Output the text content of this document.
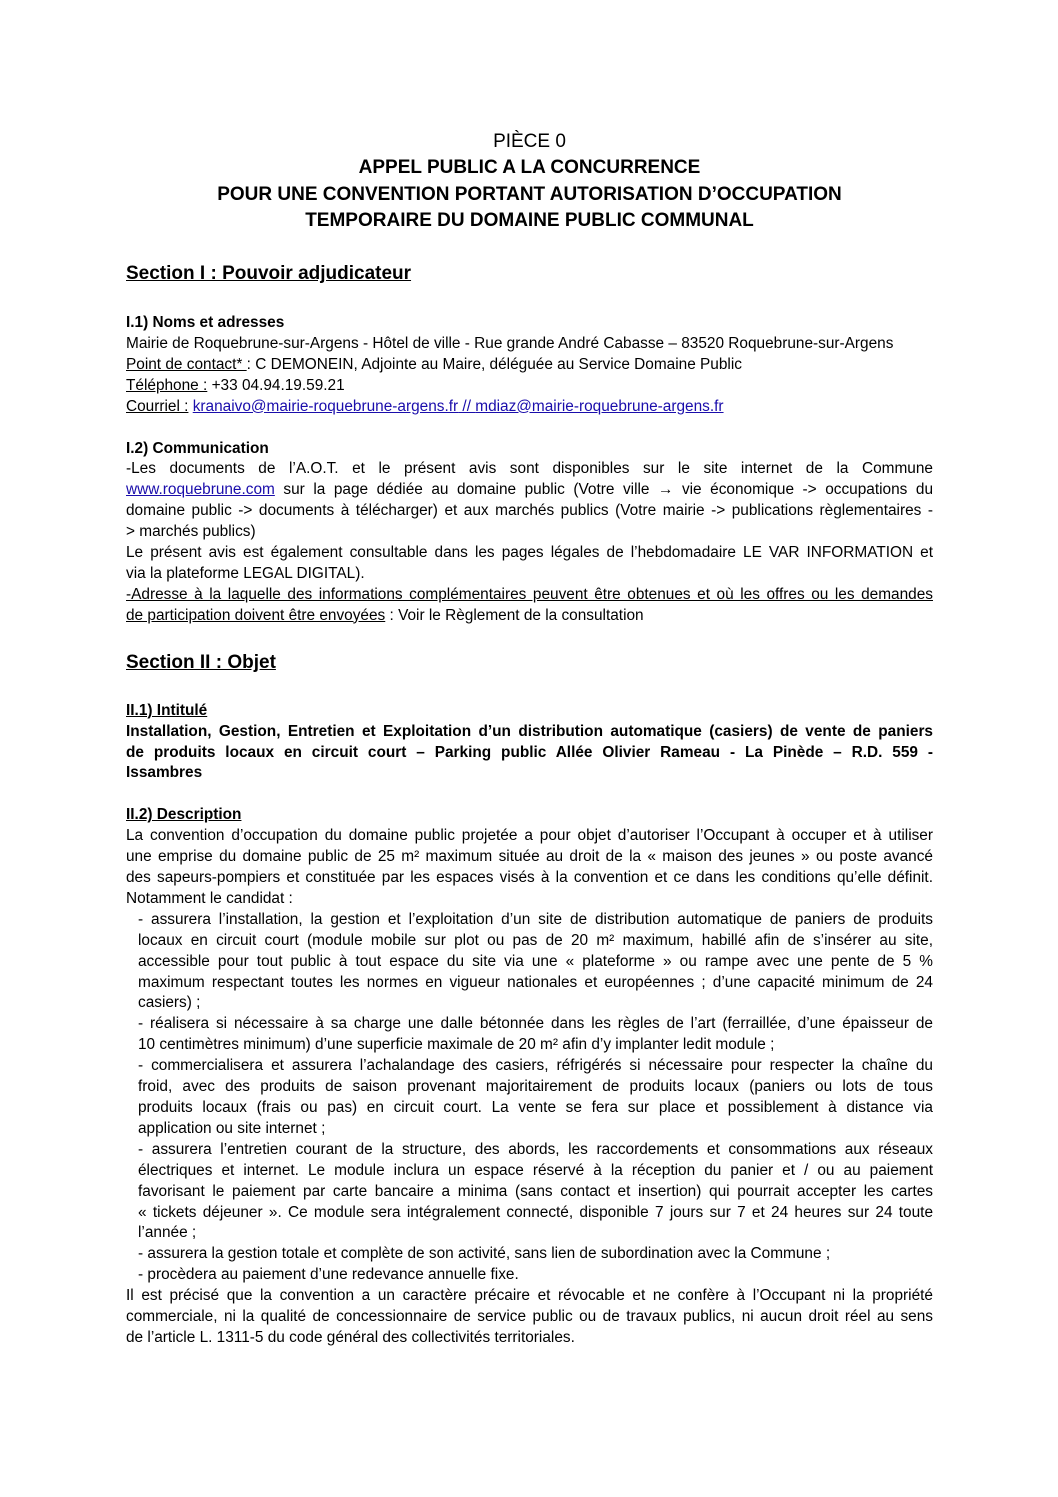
PIÈCE 0
APPEL PUBLIC A LA CONCURRENCE
POUR UNE CONVENTION PORTANT AUTORISATION D’OCCUPATION
TEMPORAIRE DU DOMAINE PUBLIC COMMUNAL
Section I : Pouvoir adjudicateur

I.1) Noms et adresses

Mairie de Roquebrune-sur-Argens - Hôtel de ville - Rue grande André Cabasse – 83520 Roquebrune-sur-Argens

Point de contact* : C DEMONEIN, Adjointe au Maire, déléguée au Service Domaine Public

Téléphone : +33 04.94.19.59.21

Courriel : kranaivo@mairie-roquebrune-argens.fr // mdiaz@mairie-roquebrune-argens.fr

I.2) Communication

-Les documents de l’A.O.T. et le présent avis sont disponibles sur le site internet de la Commune

www.roquebrune.com sur la page dédiée au domaine public (Votre ville → vie économique -> occupations du

domaine public -> documents à télécharger) et aux marchés publics (Votre mairie -> publications règlementaires -

> marchés publics)

Le présent avis est également consultable dans les pages légales de l’hebdomadaire LE VAR INFORMATION et

via la plateforme LEGAL DIGITAL).

-Adresse à la laquelle des informations complémentaires peuvent être obtenues et où les offres ou les demandes

de participation doivent être envoyées : Voir le Règlement de la consultation

Section II : Objet

II.1) Intitulé

Installation, Gestion, Entretien et Exploitation d’un distribution automatique (casiers) de vente de paniers

de produits locaux en circuit court – Parking public Allée Olivier Rameau - La Pinède – R.D. 559 -

Issambres

II.2) Description

La convention d’occupation du domaine public projetée a pour objet d’autoriser l’Occupant à occuper et à utiliser

une emprise du domaine public de 25 m² maximum située au droit de la « maison des jeunes » ou poste avancé

des sapeurs-pompiers et constituée par les espaces visés à la convention et ce dans les conditions qu’elle définit.

Notamment le candidat :

- assurera l’installation, la gestion et l’exploitation d’un site de distribution automatique de paniers de produits

locaux en circuit court (module mobile sur plot ou pas de 20 m² maximum, habillé afin de s’insérer au site,

accessible pour tout public à tout espace du site via une « plateforme » ou rampe avec une pente de 5 %

maximum respectant toutes les normes en vigueur nationales et européennes ; d’une capacité minimum de 24

casiers) ;

- réalisera si nécessaire à sa charge une dalle bétonnée dans les règles de l’art (ferraillée, d’une épaisseur de

10 centimètres minimum) d’une superficie maximale de 20 m² afin d’y implanter ledit module ;

- commercialisera et assurera l’achalandage des casiers, réfrigérés si nécessaire pour respecter la chaîne du

froid, avec des produits de saison provenant majoritairement de produits locaux (paniers ou lots de tous

produits locaux (frais ou pas) en circuit court. La vente se fera sur place et possiblement à distance via

application ou site internet ;

- assurera l’entretien courant de la structure, des abords, les raccordements et consommations aux réseaux

électriques et internet. Le module inclura un espace réservé à la réception du panier et / ou au paiement

favorisant le paiement par carte bancaire a minima (sans contact et insertion) qui pourrait accepter les cartes

« tickets déjeuner ». Ce module sera intégralement connecté, disponible 7 jours sur 7 et 24 heures sur 24 toute

l’année ;

- assurera la gestion totale et complète de son activité, sans lien de subordination avec la Commune ;

- procèdera au paiement d’une redevance annuelle fixe.

Il est précisé que la convention a un caractère précaire et révocable et ne confère à l’Occupant ni la propriété

commerciale, ni la qualité de concessionnaire de service public ou de travaux publics, ni aucun droit réel au sens

de l’article L. 1311-5 du code général des collectivités territoriales.
